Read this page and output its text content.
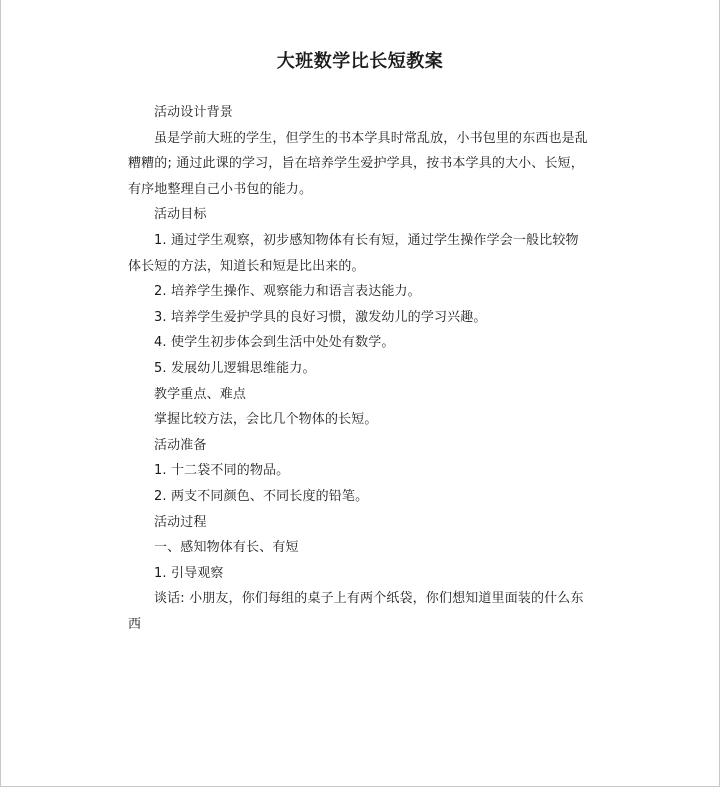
大班数学比长短教案

活动设计背景

虽是学前大班的学生，但学生的书本学具时常乱放，小书包里的东西也是乱糟糟的; 通过此课的学习，旨在培养学生爱护学具，按书本学具的大小、长短，有序地整理自己小书包的能力。

活动目标

1. 通过学生观察，初步感知物体有长有短，通过学生操作学会一般比较物体长短的方法，知道长和短是比出来的。

2. 培养学生操作、观察能力和语言表达能力。

3. 培养学生爱护学具的良好习惯，激发幼儿的学习兴趣。

4. 使学生初步体会到生活中处处有数学。

5. 发展幼儿逻辑思维能力。

教学重点、难点

掌握比较方法，会比几个物体的长短。

活动准备

1. 十二袋不同的物品。

2. 两支不同颜色、不同长度的铅笔。

活动过程

一、感知物体有长、有短

1. 引导观察

谈话: 小朋友，你们每组的桌子上有两个纸袋，你们想知道里面装的什么东西
